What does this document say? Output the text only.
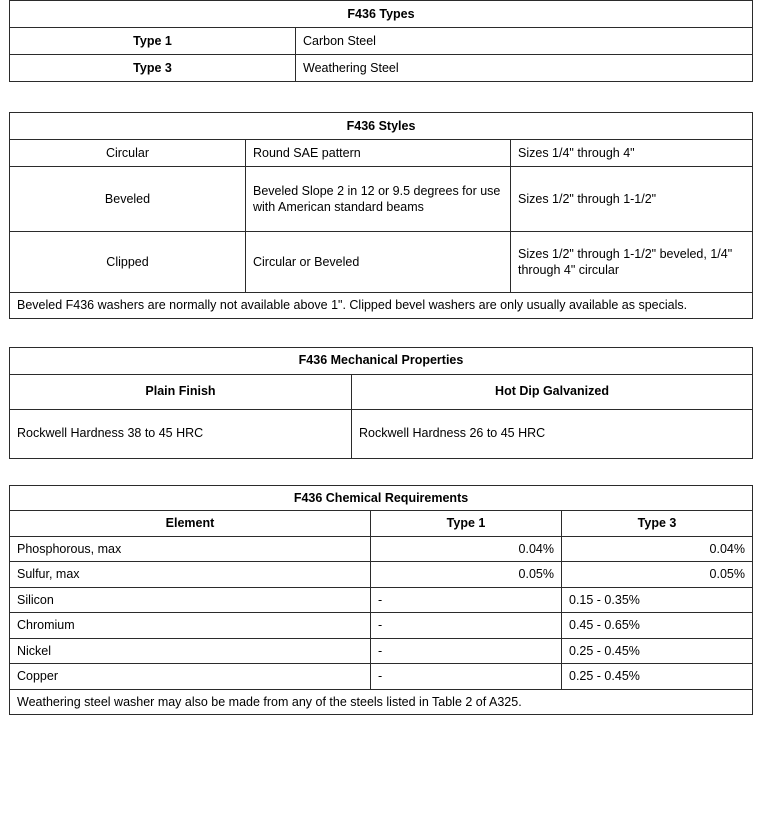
F436 Types	
Type 1	Carbon Steel
Type 3	Weathering Steel
F436 Styles		
Circular	Round SAE pattern	Sizes 1/4" through 4"
Beveled	Beveled Slope 2 in 12 or 9.5 degrees for use with American standard beams	Sizes 1/2" through 1-1/2"
Clipped	Circular or Beveled	Sizes 1/2" through 1-1/2" beveled, 1/4" through 4" circular
Beveled F436 washers are normally not available above 1". Clipped bevel washers are only usually available as specials.		
F436 Mechanical Properties	
Plain Finish	Hot Dip Galvanized
Rockwell Hardness 38 to 45 HRC	Rockwell Hardness 26 to 45 HRC
F436 Chemical Requirements		
Element	Type 1	Type 3
Phosphorous, max	0.04%	0.04%
Sulfur, max	0.05%	0.05%
Silicon	-	0.15 - 0.35%
Chromium	-	0.45 - 0.65%
Nickel	-	0.25 - 0.45%
Copper	-	0.25 - 0.45%
Weathering steel washer may also be made from any of the steels listed in Table 2 of A325.		
